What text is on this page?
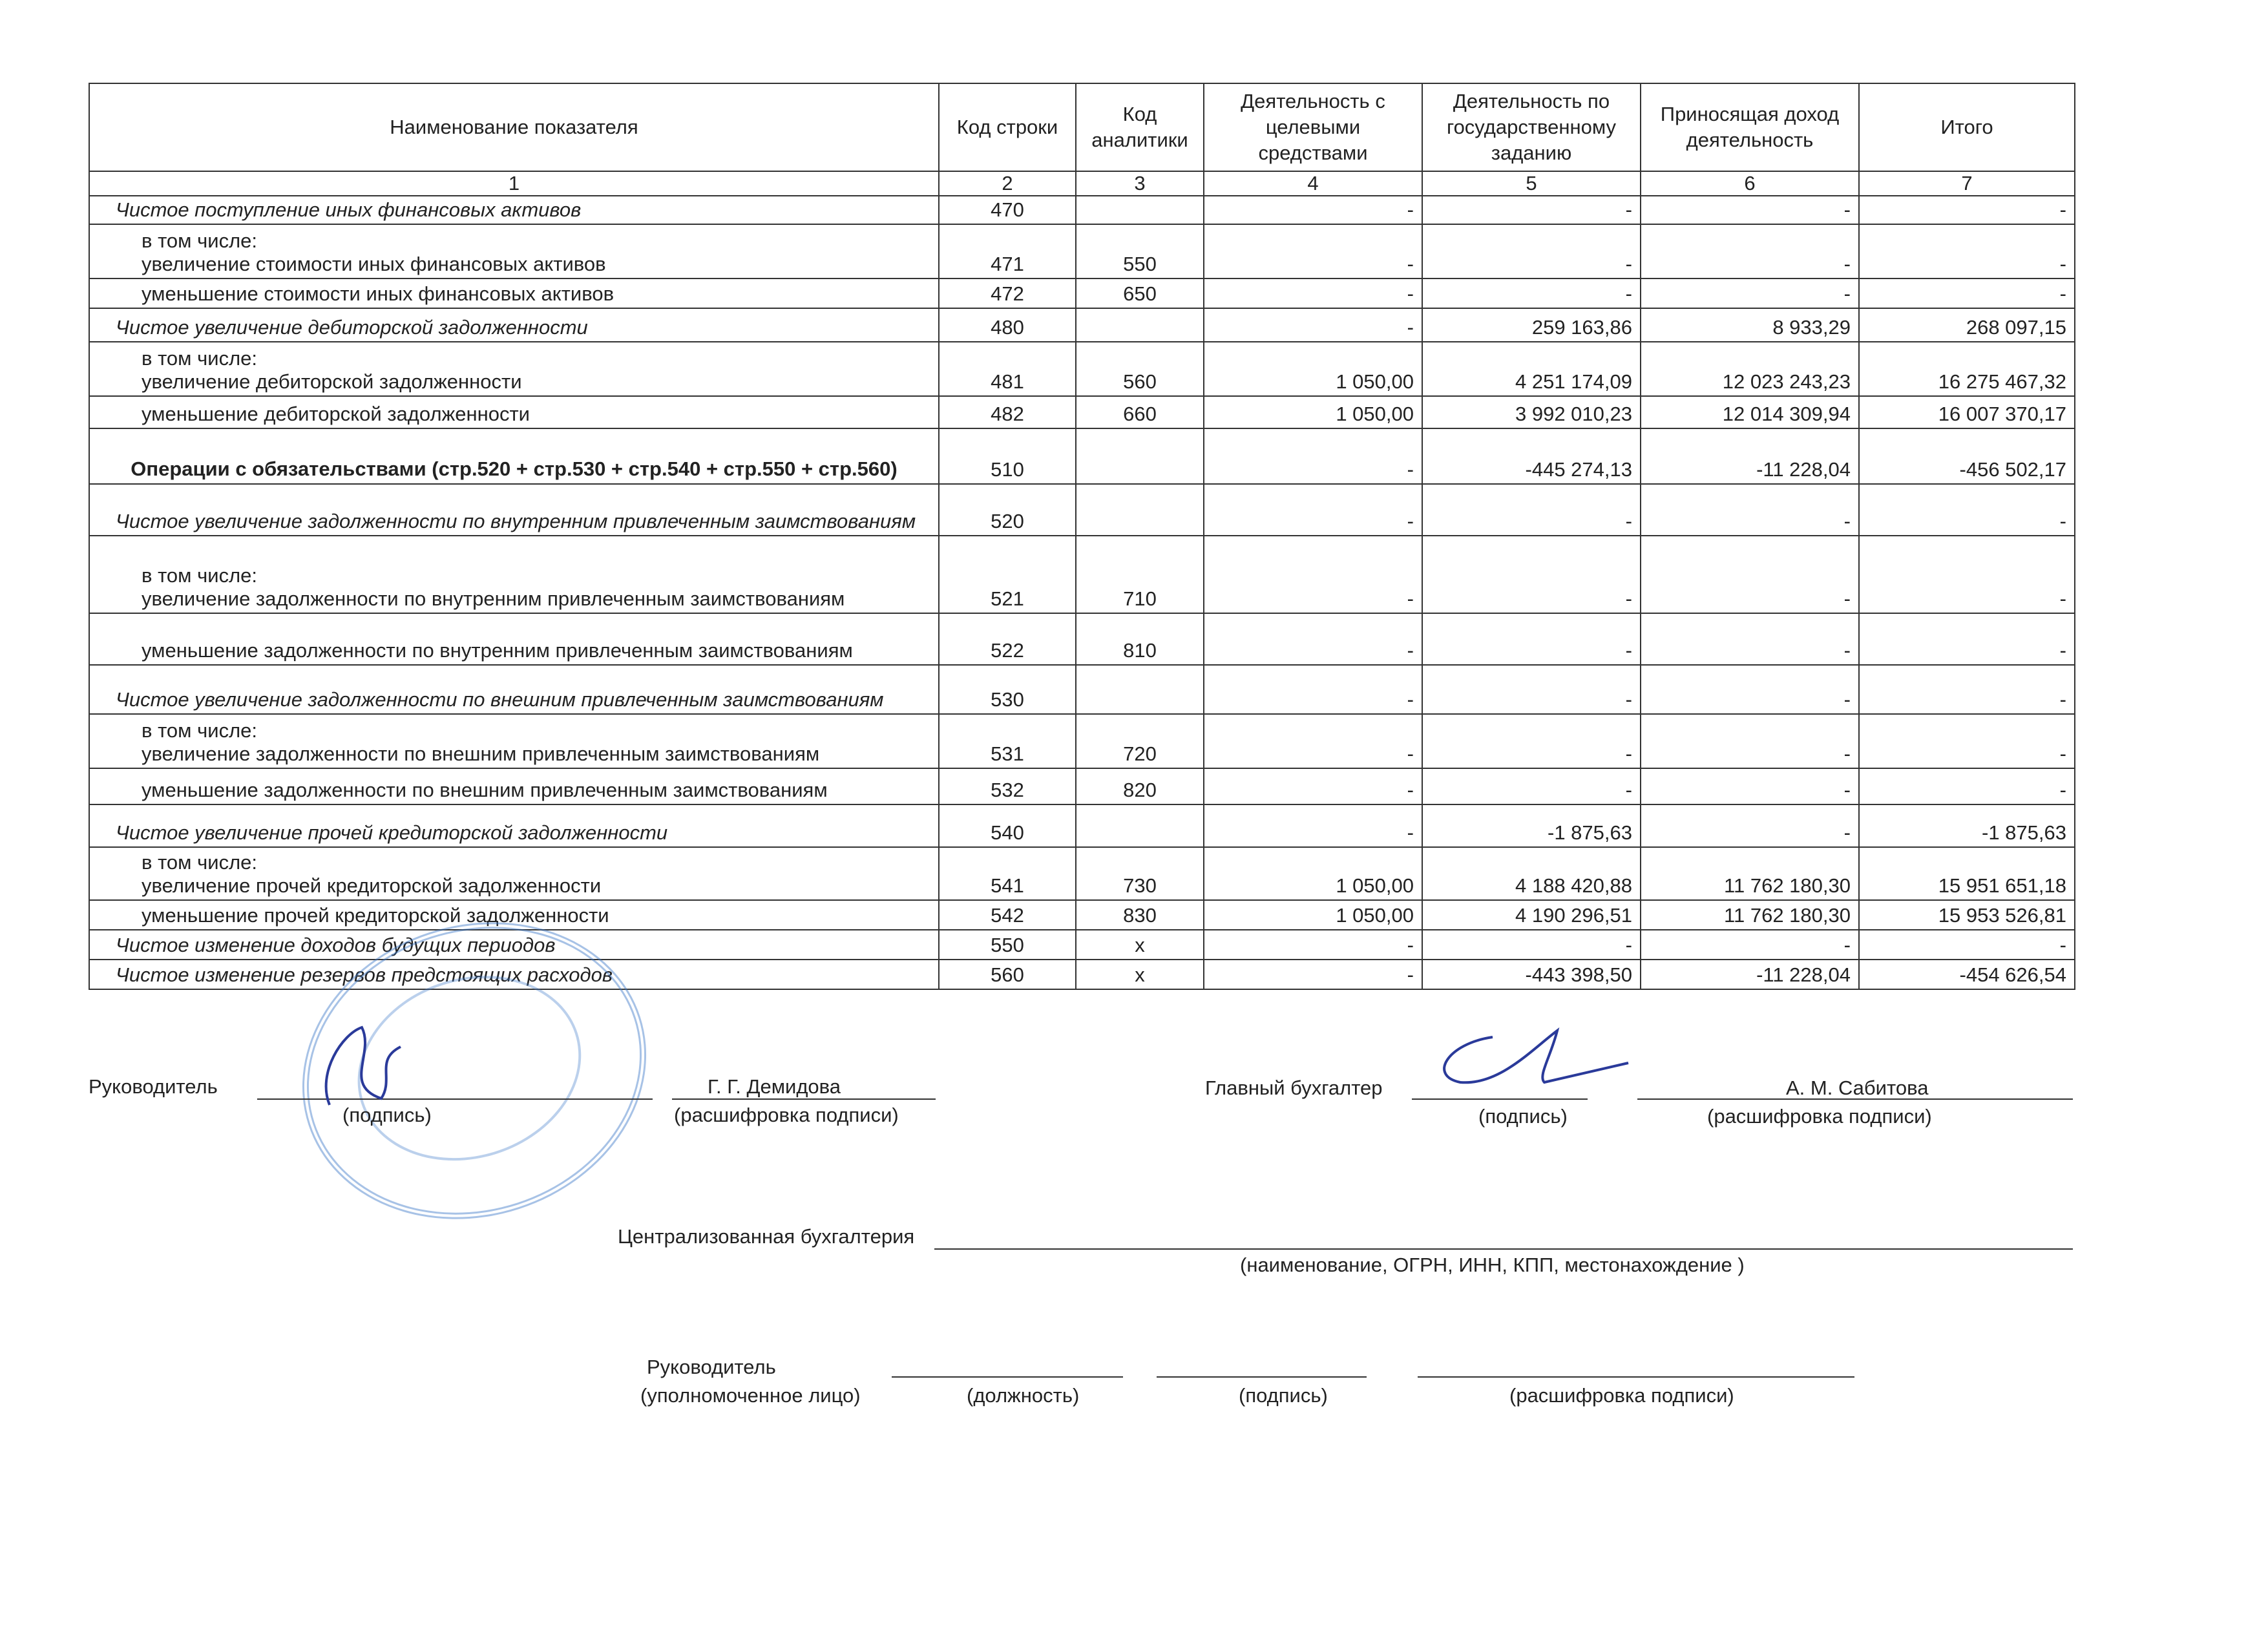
Наименование показателя	Код строки	Код аналитики	Деятельность с целевыми средствами	Деятельность по государственному заданию	Приносящая доход деятельность	Итого
1	2	3	4	5	6	7
Чистое поступление иных финансовых активов	470		-	-	-	-

в том числе:
увеличение стоимости иных финансовых активов	471	550	-	-	-	-
уменьшение стоимости иных финансовых активов	472	650	-	-	-	-
Чистое увеличение дебиторской задолженности	480		-	259 163,86	8 933,29	268 097,15

в том числе:
увеличение дебиторской задолженности	481	560	1 050,00	4 251 174,09	12 023 243,23	16 275 467,32
уменьшение дебиторской задолженности	482	660	1 050,00	3 992 010,23	12 014 309,94	16 007 370,17
Операции с обязательствами (стр.520 + стр.530 + стр.540 + стр.550 + стр.560)	510		-	-445 274,13	-11 228,04	-456 502,17
Чистое увеличение задолженности по внутренним привлеченным заимствованиям	520		-	-	-	-

в том числе:
увеличение задолженности по внутренним привлеченным заимствованиям	521	710	-	-	-	-
уменьшение задолженности по внутренним привлеченным заимствованиям	522	810	-	-	-	-
Чистое увеличение задолженности по внешним привлеченным заимствованиям	530		-	-	-	-

в том числе:
увеличение задолженности по внешним привлеченным заимствованиям	531	720	-	-	-	-
уменьшение задолженности по внешним привлеченным заимствованиям	532	820	-	-	-	-
Чистое увеличение прочей кредиторской задолженности	540		-	-1 875,63	-	-1 875,63

в том числе:
увеличение прочей кредиторской задолженности	541	730	1 050,00	4 188 420,88	11 762 180,30	15 951 651,18
уменьшение прочей кредиторской задолженности	542	830	1 050,00	4 190 296,51	11 762 180,30	15 953 526,81
Чистое изменение доходов будущих периодов	550	х	-	-	-	-
Чистое изменение резервов предстоящих расходов	560	х	-	-443 398,50	-11 228,04	-454 626,54
Руководитель
(подпись)
Г. Г. Демидова
(расшифровка подписи)
Главный бухгалтер
(подпись)
А. М. Сабитова
(расшифровка подписи)
Централизованная бухгалтерия
(наименование, ОГРН, ИНН, КПП, местонахождение )
Руководитель
(уполномоченное лицо)	(должность)	(подпись)	(расшифровка подписи)
